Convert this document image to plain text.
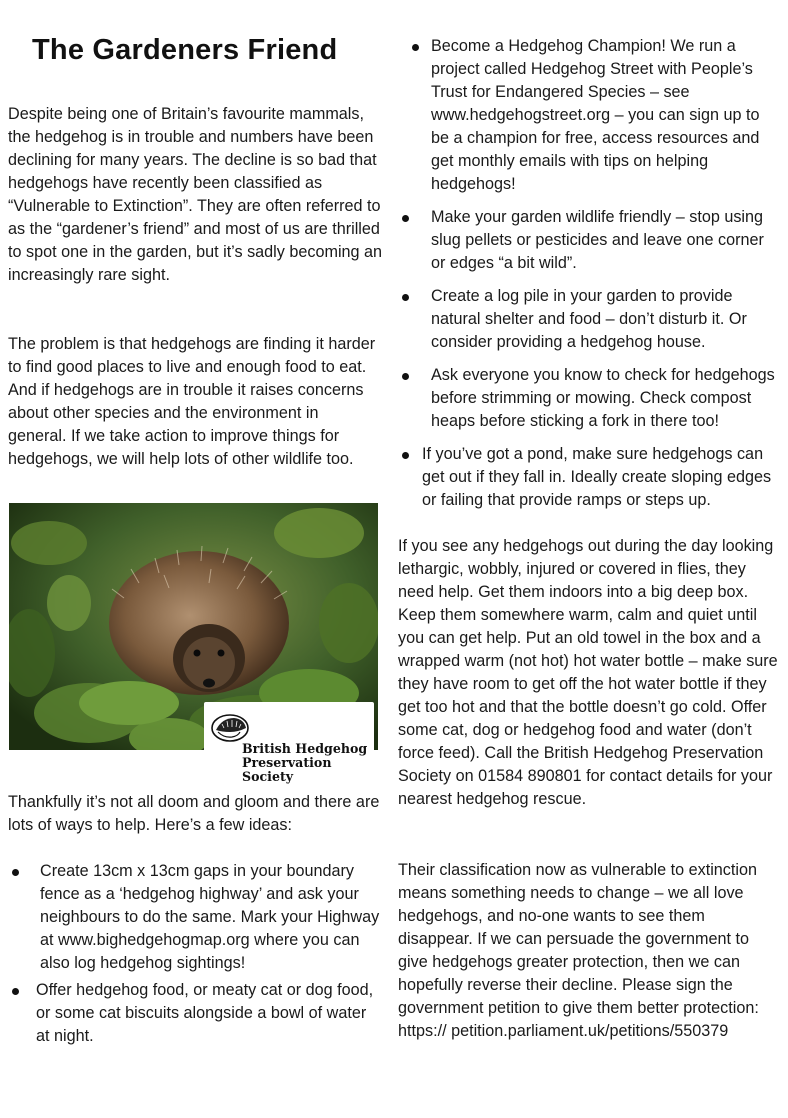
The Gardeners Friend

Despite being one of Britain’s favourite mammals, the hedgehog is in trouble and numbers have been declining for many years. The decline is so bad that hedgehogs have recently been classified as “Vulnerable to Extinction”. They are often referred to as the “gardener’s friend” and most of us are thrilled to spot one in the garden, but it’s sadly becoming an increasingly rare sight.

The problem is that hedgehogs are finding it harder to find good places to live and enough food to eat. And if hedgehogs are in trouble it raises concerns about other species and the environment in general. If we take action to improve things for hedgehogs, we will help lots of other wildlife too.

British Hedgehog
Preservation Society

Thankfully it’s not all doom and gloom and there are lots of ways to help. Here’s a few ideas:

Create 13cm x 13cm gaps in your boundary fence as a ‘hedgehog highway’ and ask your neighbours to do the same. Mark your Highway at www.bighedgehogmap.org where you can also log hedgehog sightings!
Offer hedgehog food, or meaty cat or dog food, or some cat biscuits alongside a bowl of water at night.
Become a Hedgehog Champion! We run a project called Hedgehog Street with People’s Trust for Endangered Species – see www.hedgehogstreet.org – you can sign up to be a champion for free, access resources and get monthly emails with tips on helping hedgehogs!
Make your garden wildlife friendly – stop using slug pellets or pesticides and leave one corner or edges “a bit wild”.
Create a log pile in your garden to provide natural shelter and food – don’t disturb it. Or consider providing a hedgehog house.
Ask everyone you know to check for hedgehogs before strimming or mowing. Check compost heaps before sticking a fork in there too!
If you’ve got a pond, make sure hedgehogs can get out if they fall in. Ideally create sloping edges or failing that provide ramps or steps up.

If you see any hedgehogs out during the day looking lethargic, wobbly, injured or covered in flies, they need help. Get them indoors into a big deep box. Keep them somewhere warm, calm and quiet until you can get help. Put an old towel in the box and a wrapped warm (not hot) hot water bottle – make sure they have room to get off the hot water bottle if they get too hot and that the bottle doesn’t go cold. Offer some cat, dog or hedgehog food and water (don’t force feed). Call the British Hedgehog Preservation Society on 01584 890801 for contact details for your nearest hedgehog rescue.

Their classification now as vulnerable to extinction means something needs to change – we all love hedgehogs, and no-one wants to see them disappear. If we can persuade the government to give hedgehogs greater protection, then we can hopefully reverse their decline. Please sign the government petition to give them better protection: https:// petition.parliament.uk/petitions/550379
